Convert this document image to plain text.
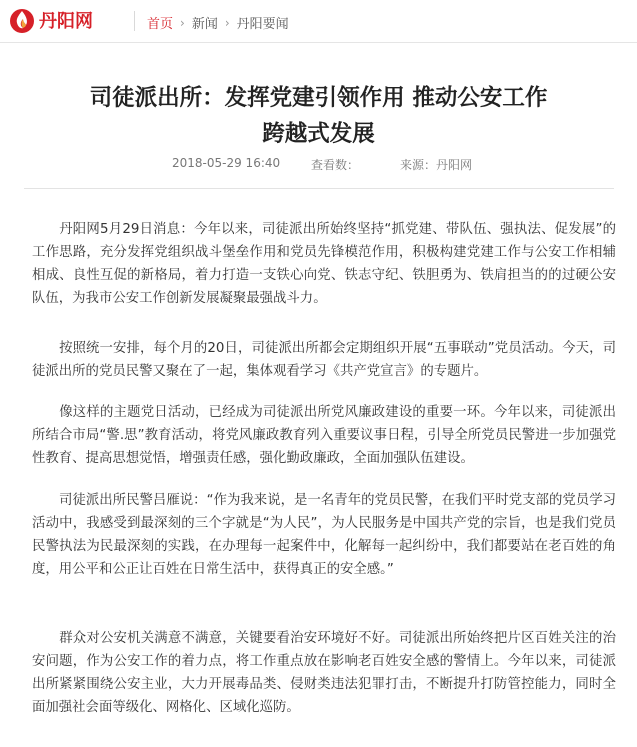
丹阳网	首页 › 新闻 › 丹阳要闻
司徒派出所：发挥党建引领作用 推动公安工作
跨越式发展
2018-05-29 16:40	查看数：	来源：丹阳网

丹阳网5月29日消息：今年以来，司徒派出所始终坚持“抓党建、带队伍、强执法、促发展”的工作思路，充分发挥党组织战斗堡垒作用和党员先锋模范作用，积极构建党建工作与公安工作相辅相成、良性互促的新格局，着力打造一支铁心向党、铁志守纪、铁胆勇为、铁肩担当的的过硬公安队伍，为我市公安工作创新发展凝聚最强战斗力。

按照统一安排，每个月的20日，司徒派出所都会定期组织开展“五事联动”党员活动。今天，司徒派出所的党员民警又聚在了一起，集体观看学习《共产党宣言》的专题片。

像这样的主题党日活动，已经成为司徒派出所党风廉政建设的重要一环。今年以来，司徒派出所结合市局“警.思”教育活动，将党风廉政教育列入重要议事日程，引导全所党员民警进一步加强党性教育、提高思想觉悟，增强责任感，强化勤政廉政，全面加强队伍建设。

司徒派出所民警吕雁说：“作为我来说，是一名青年的党员民警，在我们平时党支部的党员学习活动中，我感受到最深刻的三个字就是“为人民”，为人民服务是中国共产党的宗旨，也是我们党员民警执法为民最深刻的实践，在办理每一起案件中，化解每一起纠纷中，我们都要站在老百姓的角度，用公平和公正让百姓在日常生活中，获得真正的安全感。”

群众对公安机关满意不满意，关键要看治安环境好不好。司徒派出所始终把片区百姓关注的治安问题，作为公安工作的着力点，将工作重点放在影响老百姓安全感的警情上。今年以来，司徒派出所紧紧围绕公安主业，大力开展毒品类、侵财类违法犯罪打击，不断提升打防管控能力，同时全面加强社会面等级化、网格化、区域化巡防。
